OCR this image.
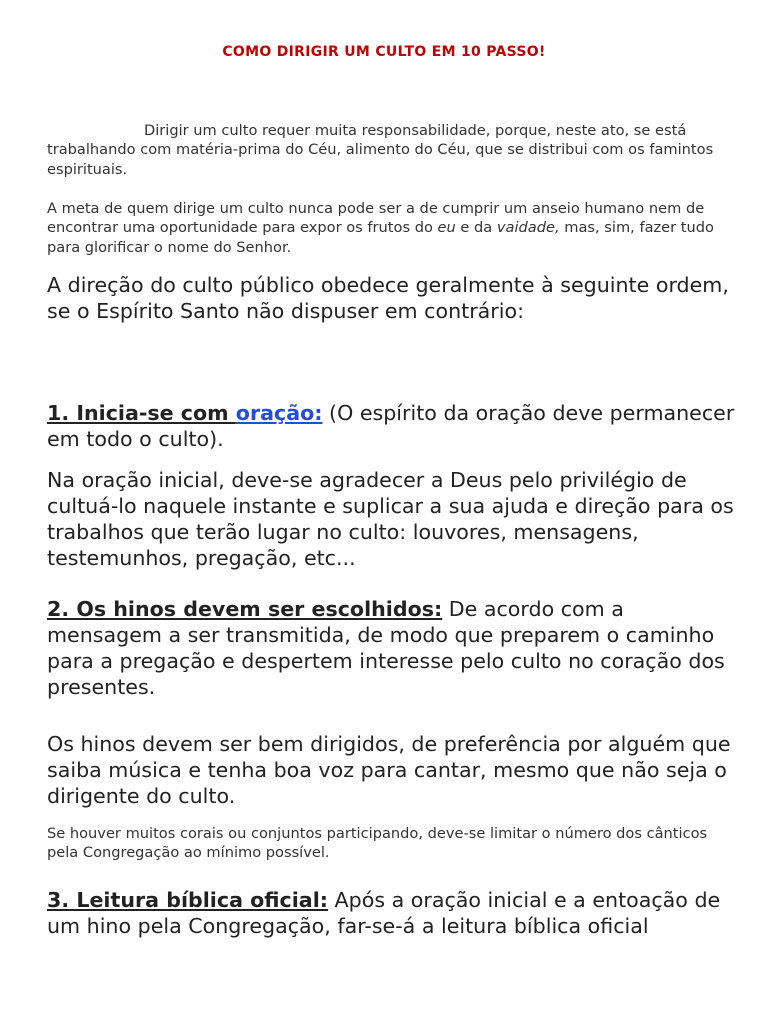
COMO DIRIGIR UM CULTO EM 10 PASSO!
Dirigir um culto requer muita responsabilidade, porque, neste ato, se está trabalhando com matéria-prima do Céu, alimento do Céu, que se distribui com os famintos espirituais.
A meta de quem dirige um culto nunca pode ser a de cumprir um anseio humano nem de encontrar uma oportunidade para expor os frutos do eu e da vaidade, mas, sim, fazer tudo para glorificar o nome do Senhor.
A direção do culto público obedece geralmente à seguinte ordem, se o Espírito Santo não dispuser em contrário:
1. Inicia-se com oração: (O espírito da oração deve permanecer em todo o culto).
Na oração inicial, deve-se agradecer a Deus pelo privilégio de cultuá-lo naquele instante e suplicar a sua ajuda e direção para os trabalhos que terão lugar no culto: louvores, mensagens, testemunhos, pregação, etc...
2. Os hinos devem ser escolhidos: De acordo com a mensagem a ser transmitida, de modo que preparem o caminho para a pregação e despertem interesse pelo culto no coração dos presentes.
Os hinos devem ser bem dirigidos, de preferência por alguém que saiba música e tenha boa voz para cantar, mesmo que não seja o dirigente do culto.
Se houver muitos corais ou conjuntos participando, deve-se limitar o número dos cânticos pela Congregação ao mínimo possível.
3. Leitura bíblica oficial: Após a oração inicial e a entoação de um hino pela Congregação, far-se-á a leitura bíblica oficial
